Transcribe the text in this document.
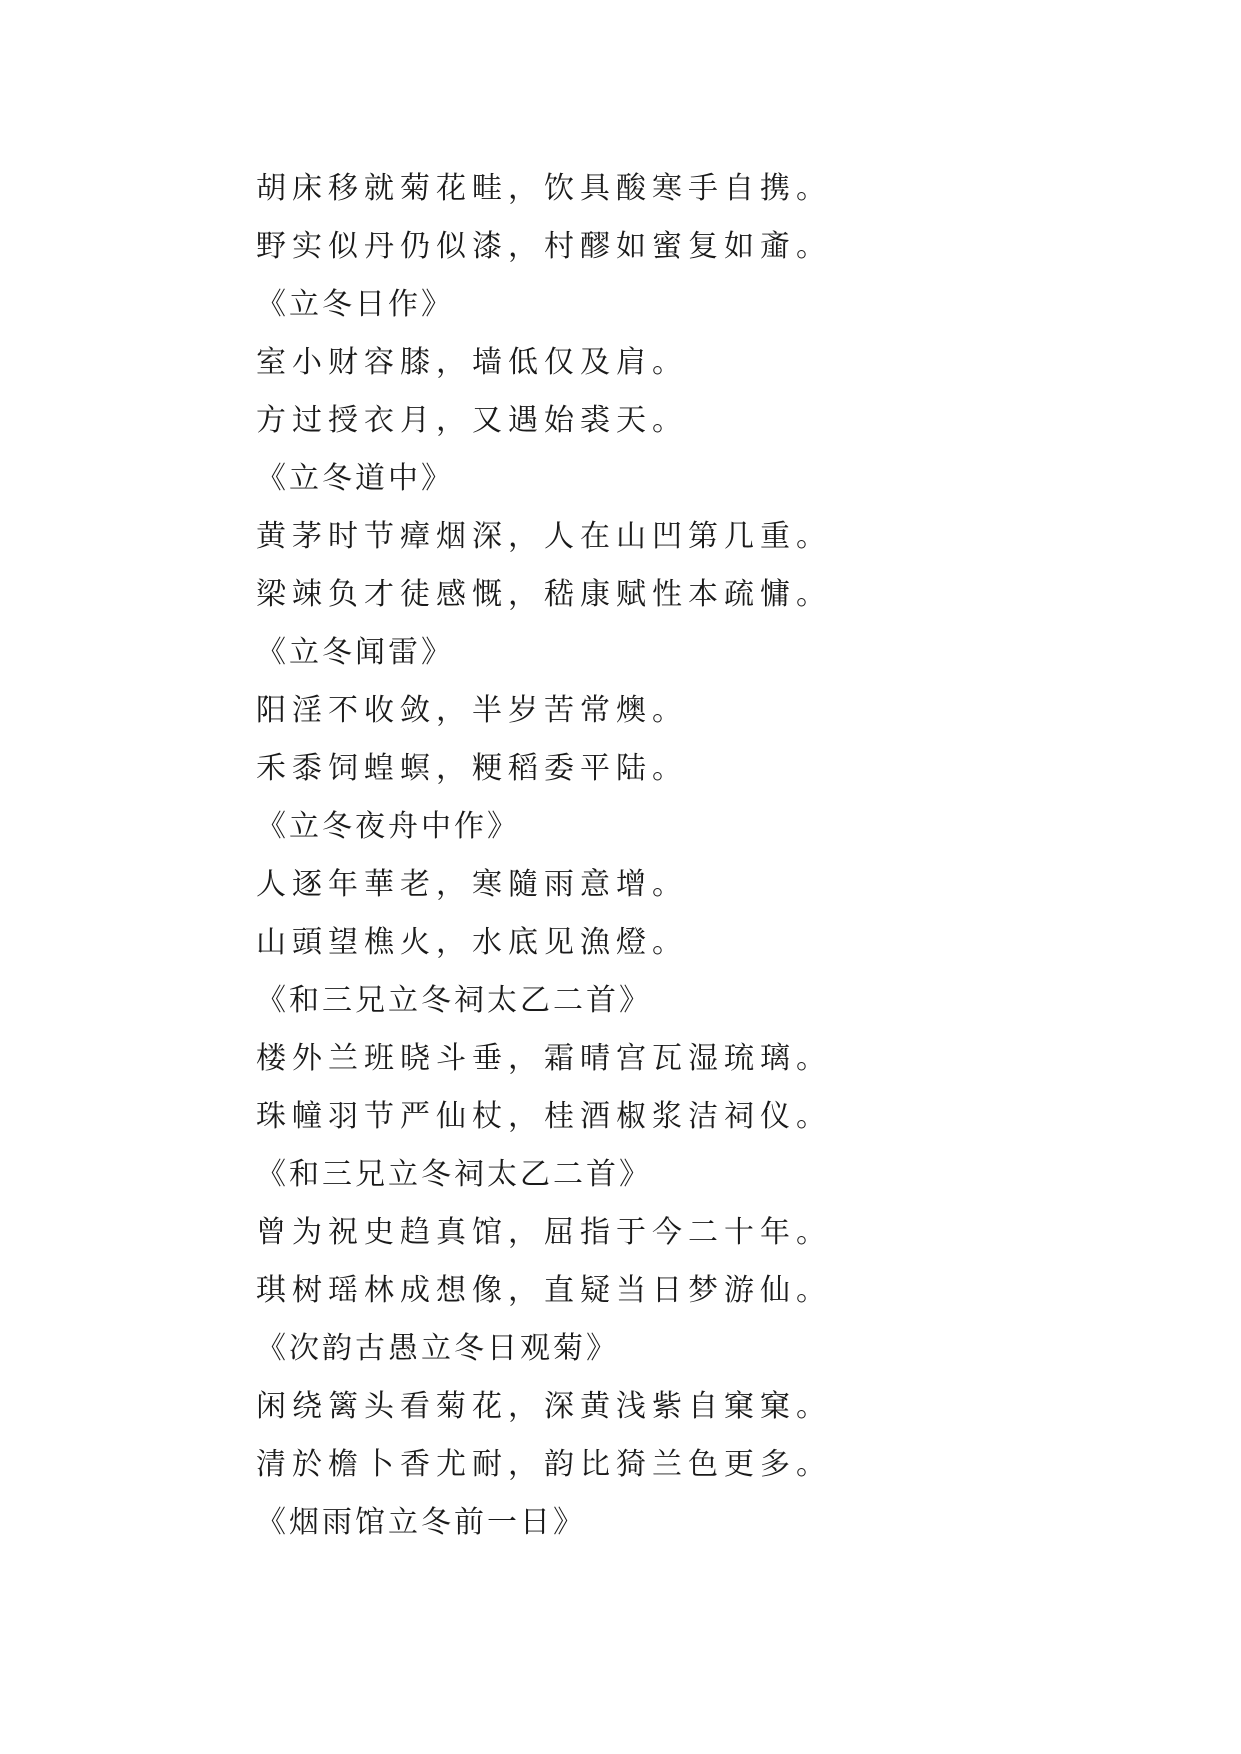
胡床移就菊花畦，饮具酸寒手自携。
野实似丹仍似漆，村醪如蜜复如齑。
《立冬日作》
室小财容膝，墙低仅及肩。
方过授衣月，又遇始裘天。
《立冬道中》
黄茅时节瘴烟深，人在山凹第几重。
梁竦负才徒感慨，嵇康赋性本疏慵。
《立冬闻雷》
阳淫不收敛，半岁苦常燠。
禾黍饲蝗螟，粳稻委平陆。
《立冬夜舟中作》
人逐年華老，寒隨雨意增。
山頭望樵火，水底见漁燈。
《和三兄立冬祠太乙二首》
楼外兰班晓斗垂，霜晴宫瓦湿琉璃。
珠幢羽节严仙杖，桂酒椒浆洁祠仪。
《和三兄立冬祠太乙二首》
曾为祝史趋真馆，屈指于今二十年。
琪树瑶林成想像，直疑当日梦游仙。
《次韵古愚立冬日观菊》
闲绕篱头看菊花，深黄浅紫自窠窠。
清於檐卜香尤耐，韵比猗兰色更多。
《烟雨馆立冬前一日》
